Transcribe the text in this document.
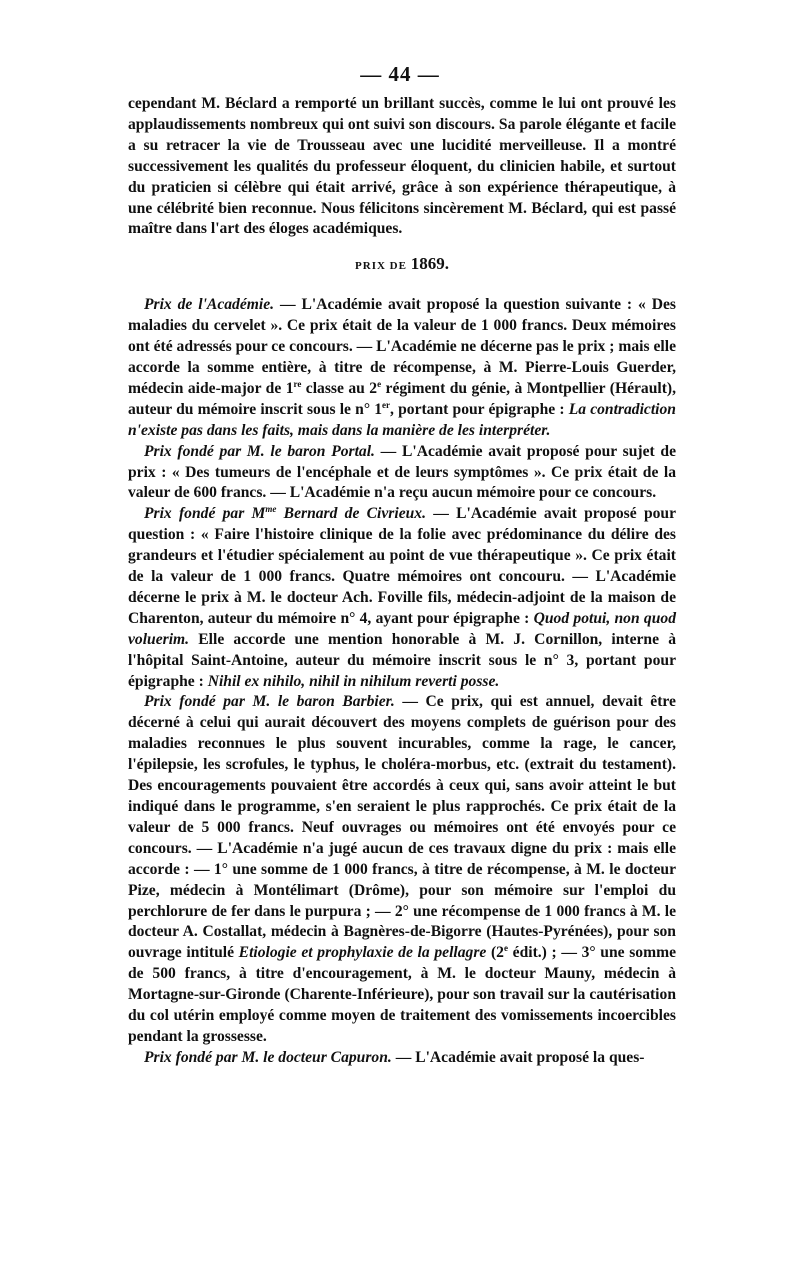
— 44 —

cependant M. Béclard a remporté un brillant succès, comme le lui ont prouvé les applaudissements nombreux qui ont suivi son discours. Sa parole élégante et facile a su retracer la vie de Trousseau avec une lucidité merveilleuse. Il a montré successivement les qualités du professeur éloquent, du clinicien habile, et surtout du praticien si célèbre qui était arrivé, grâce à son expérience thérapeutique, à une célébrité bien reconnue. Nous félicitons sincèrement M. Béclard, qui est passé maître dans l'art des éloges académiques.

PRIX DE 1869.

Prix de l'Académie. — L'Académie avait proposé la question suivante : « Des maladies du cervelet ». Ce prix était de la valeur de 1 000 francs. Deux mémoires ont été adressés pour ce concours. — L'Académie ne décerne pas le prix ; mais elle accorde la somme entière, à titre de récompense, à M. Pierre-Louis Guerder, médecin aide-major de 1re classe au 2e régiment du génie, à Montpellier (Hérault), auteur du mémoire inscrit sous le n° 1er, portant pour épigraphe : La contradiction n'existe pas dans les faits, mais dans la manière de les interpréter.

Prix fondé par M. le baron Portal. — L'Académie avait proposé pour sujet de prix : « Des tumeurs de l'encéphale et de leurs symptômes ». Ce prix était de la valeur de 600 francs. — L'Académie n'a reçu aucun mémoire pour ce concours.

Prix fondé par $M^{me}$ Bernard de Civrieux. — L'Académie avait proposé pour question : « Faire l'histoire clinique de la folie avec prédominance du délire des grandeurs et l'étudier spécialement au point de vue thérapeutique ». Ce prix était de la valeur de 1 000 francs. Quatre mémoires ont concouru. — L'Académie décerne le prix à M. le docteur Ach. Foville fils, médecin-adjoint de la maison de Charenton, auteur du mémoire n° 4, ayant pour épigraphe : Quod potui, non quod voluerim. Elle accorde une mention honorable à M. J. Cornillon, interne à l'hôpital Saint-Antoine, auteur du mémoire inscrit sous le n° 3, portant pour épigraphe : Nihil ex nihilo, nihil in nihilum reverti posse.

Prix fondé par M. le baron Barbier. — Ce prix, qui est annuel, devait être décerné à celui qui aurait découvert des moyens complets de guérison pour des maladies reconnues le plus souvent incurables, comme la rage, le cancer, l'épilepsie, les scrofules, le typhus, le choléra-morbus, etc. (extrait du testament). Des encouragements pouvaient être accordés à ceux qui, sans avoir atteint le but indiqué dans le programme, s'en seraient le plus rapprochés. Ce prix était de la valeur de 5 000 francs. Neuf ouvrages ou mémoires ont été envoyés pour ce concours. — L'Académie n'a jugé aucun de ces travaux digne du prix : mais elle accorde : — 1° une somme de 1 000 francs, à titre de récompense, à M. le docteur Pize, médecin à Montélimart (Drôme), pour son mémoire sur l'emploi du perchlorure de fer dans le purpura ; — 2° une récompense de 1 000 francs à M. le docteur A. Costallat, médecin à Bagnères-de-Bigorre (Hautes-Pyrénées), pour son ouvrage intitulé Etiologie et prophylaxie de la pellagre (2e édit.) ; — 3° une somme de 500 francs, à titre d'encouragement, à M. le docteur Mauny, médecin à Mortagne-sur-Gironde (Charente-Inférieure), pour son travail sur la cautérisation du col utérin employé comme moyen de traitement des vomissements incoercibles pendant la grossesse.

Prix fondé par M. le docteur Capuron. — L'Académie avait proposé la ques-
